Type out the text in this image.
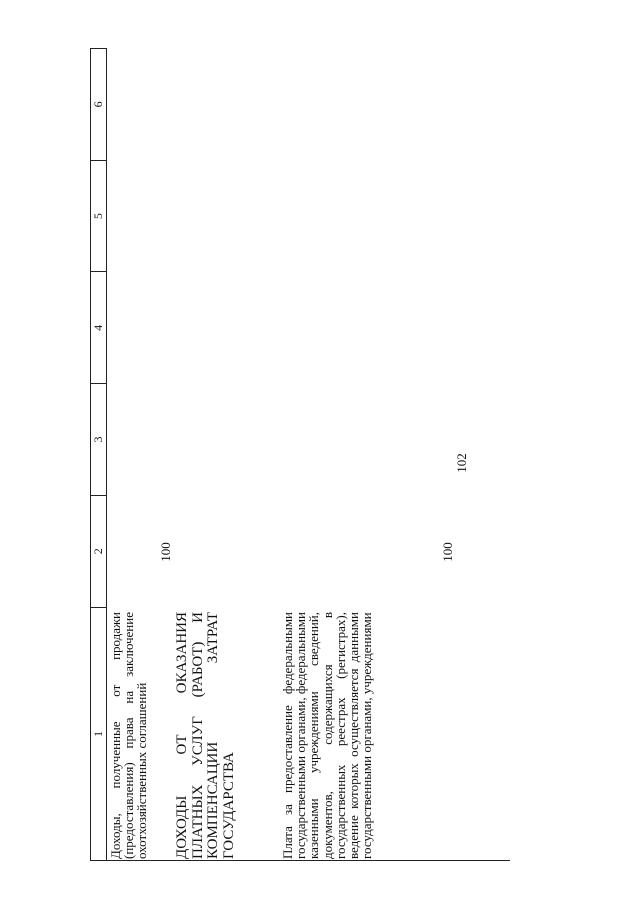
102
1
2
3
4
5
6
Доходы, полученные от продажи (предоставления) права на заключение охотхозяйственных соглашений
100
ДОХОДЫ ОТ ОКАЗАНИЯ ПЛАТНЫХ УСЛУГ (РАБОТ) И КОМПЕНСАЦИИ ЗАТРАТ ГОСУДАРСТВА	Плата за предоставление федеральными государственными органами, федеральными казенными учреждениями сведений, документов, содержащихся в государственных реестрах (регистрах), ведение которых осуществляется данными государственными органами, учреждениями
100
